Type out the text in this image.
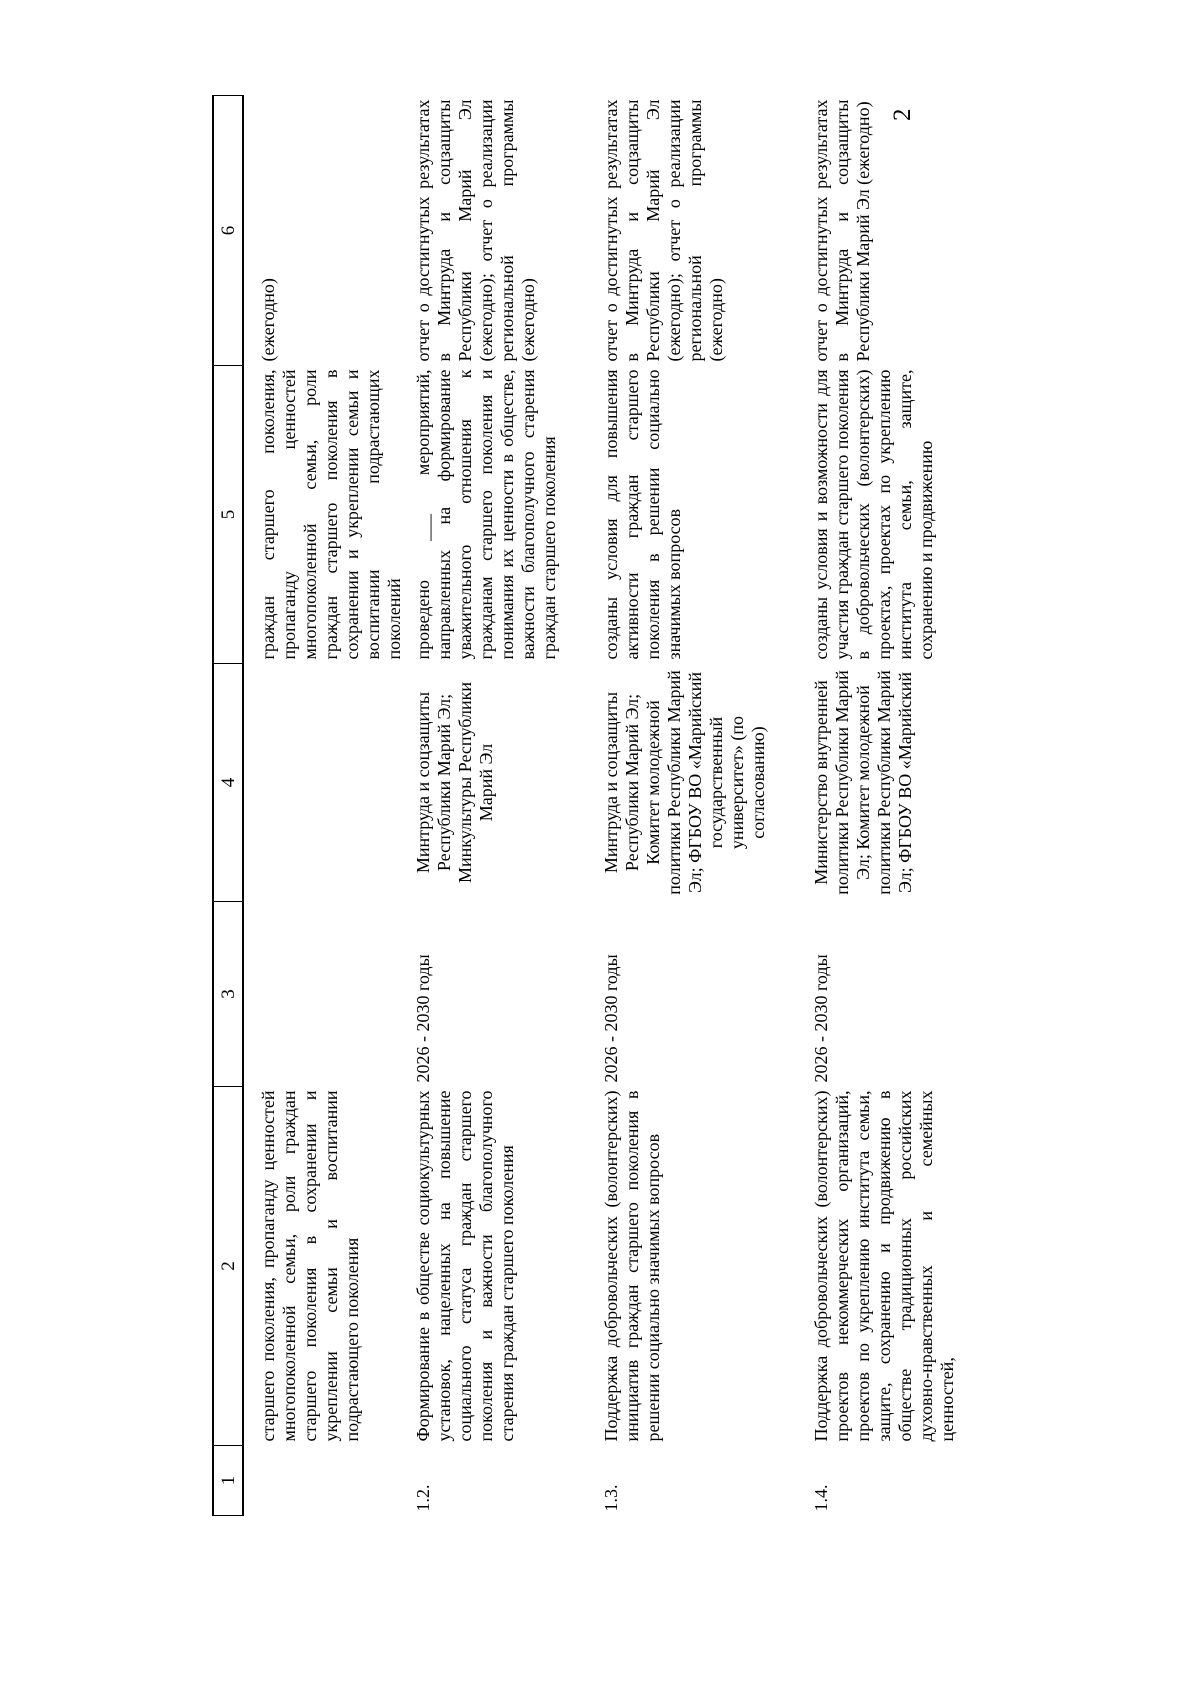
2
1	2	3	4	5	6
	старшего поколения, пропаганду ценностей многопоколенной семьи, роли граждан старшего поколения в сохранении и укреплении семьи и воспитании подрастающего поколения			граждан старшего поколения, пропаганду ценностей многопоколенной семьи, роли граждан старшего поколения в сохранении и укреплении семьи и воспитании подрастающих поколений	(ежегодно)
1.2.	Формирование в обществе социокультурных установок, нацеленных на повышение социального статуса граждан старшего поколения и важности благополучного старения граждан старшего поколения	2026 - 2030 годы	Минтруда и соцзащиты Республики Марий Эл; Минкультуры Республики Марий Эл	проведено ___ мероприятий, направленных на формирование уважительного отношения к гражданам старшего поколения и понимания их ценности в обществе, важности благополучного старения граждан старшего поколения	отчет о достигнутых результатах в Минтруда и соцзащиты Республики Марий Эл (ежегодно); отчет о реализации региональной программы (ежегодно)
1.3.	Поддержка добровольческих (волонтерских) инициатив граждан старшего поколения в решении социально значимых вопросов	2026 - 2030 годы	Минтруда и соцзащиты Республики Марий Эл; Комитет молодежной политики Республики Марий Эл; ФГБОУ ВО «Марийский государственный университет» (по согласованию)	созданы условия для повышения активности граждан старшего поколения в решении социально значимых вопросов	отчет о достигнутых результатах в Минтруда и соцзащиты Республики Марий Эл (ежегодно); отчет о реализации региональной программы (ежегодно)
1.4.	Поддержка добровольческих (волонтерских) проектов некоммерческих организаций, проектов по укреплению института семьи, защите, сохранению и продвижению в обществе традиционных российских духовно-нравственных и семейных ценностей,	2026 - 2030 годы	Министерство внутренней политики Республики Марий Эл; Комитет молодежной политики Республики Марий Эл; ФГБОУ ВО «Марийский	созданы условия и возможности для участия граждан старшего поколения в добровольческих (волонтерских) проектах, проектах по укреплению института семьи, защите, сохранению и продвижению	отчет о достигнутых результатах в Минтруда и соцзащиты Республики Марий Эл (ежегодно)
